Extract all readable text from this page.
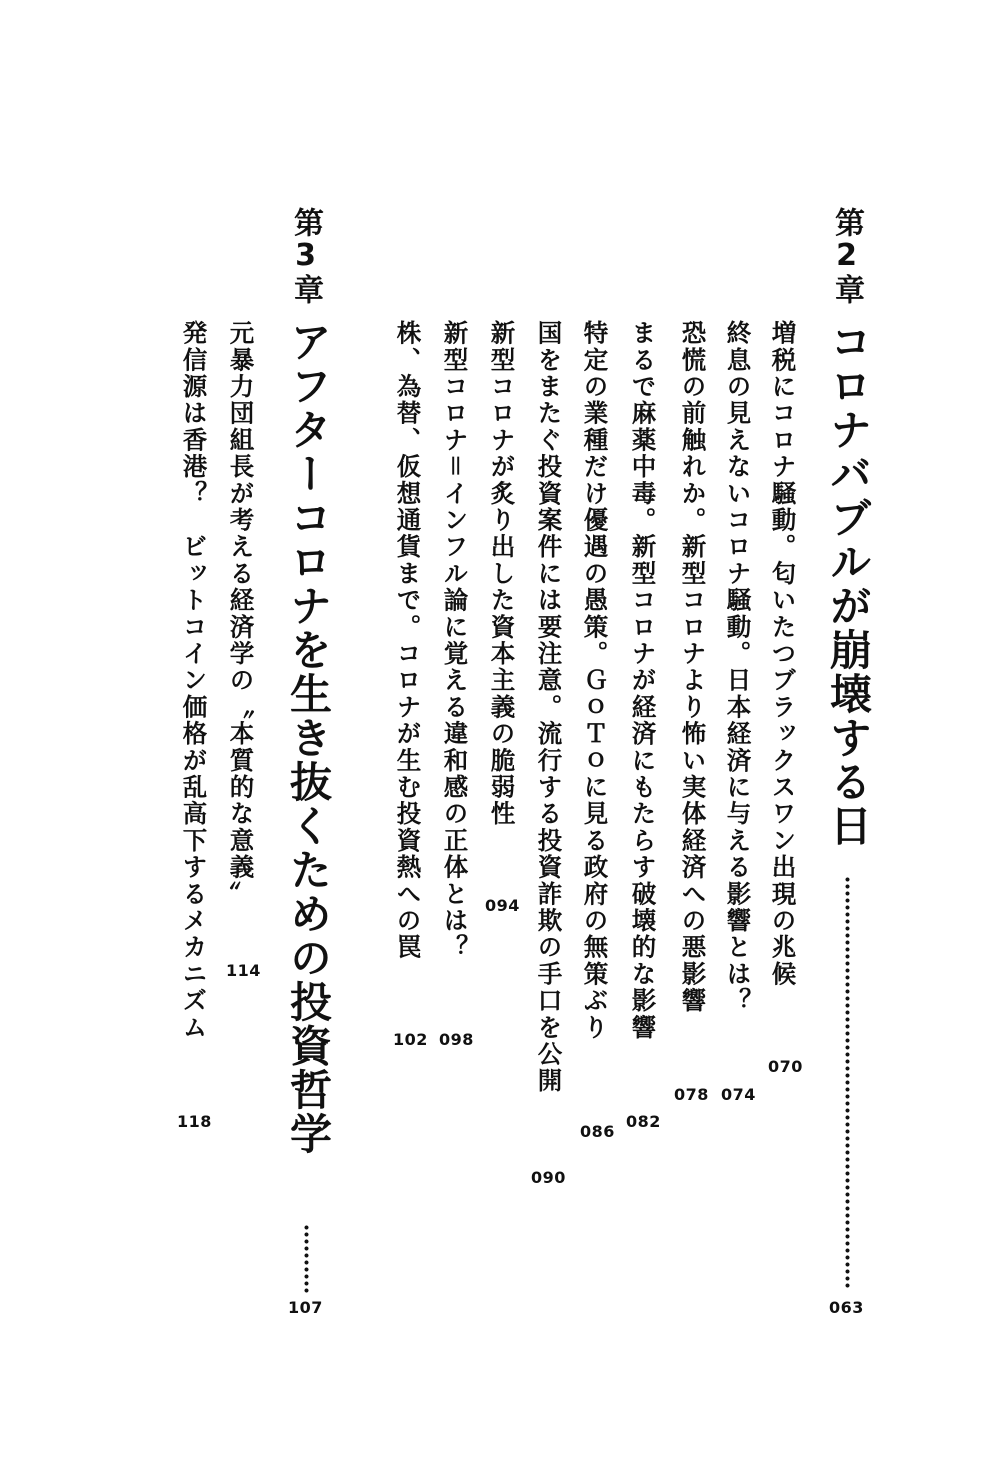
第2章
コロナバブルが崩壊する日
063
増税にコロナ騒動。匂いたつブラックスワン出現の兆候
070
終息の見えないコロナ騒動。日本経済に与える影響とは？
074
恐慌の前触れか。新型コロナより怖い実体経済への悪影響
078
まるで麻薬中毒。新型コロナが経済にもたらす破壊的な影響
082
特定の業種だけ優遇の愚策。ＧｏＴｏに見る政府の無策ぶり
086
国をまたぐ投資案件には要注意。流行する投資詐欺の手口を公開
090
新型コロナが炙り出した資本主義の脆弱性
094
新型コロナ＝インフル論に覚える違和感の正体とは？
098
株、為替、仮想通貨まで。コロナが生む投資熱への罠
102
第3章
アフターコロナを生き抜くための投資哲学
107
元暴力団組長が考える経済学の〝本質的な意義〟
114
発信源は香港？　ビットコイン価格が乱高下するメカニズム
118
